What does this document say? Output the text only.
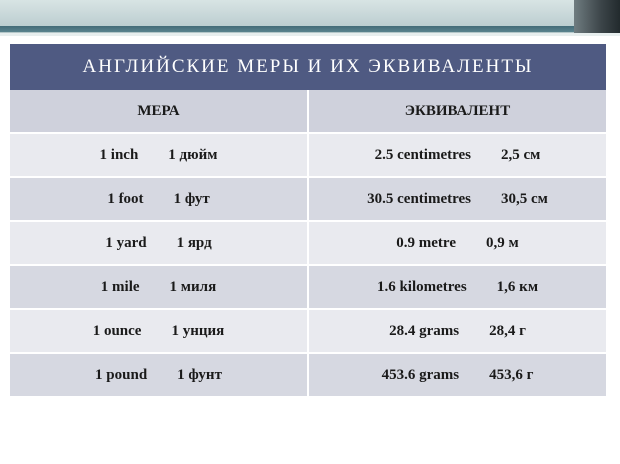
АНГЛИЙСКИЕ МЕРЫ И ИХ ЭКВИВАЛЕНТЫ
МЕРА	ЭКВИВАЛЕНТ
1 inch 1 дюйм	2.5 centimetres 2,5 см
1 foot 1 фут	30.5 centimetres 30,5 см
1 yard 1 ярд	0.9 metre 0,9 м
1 mile 1 миля	1.6 kilometres 1,6 км
1 ounce 1 унция	28.4 grams 28,4 г
1 pound 1 фунт	453.6 grams 453,6 г
